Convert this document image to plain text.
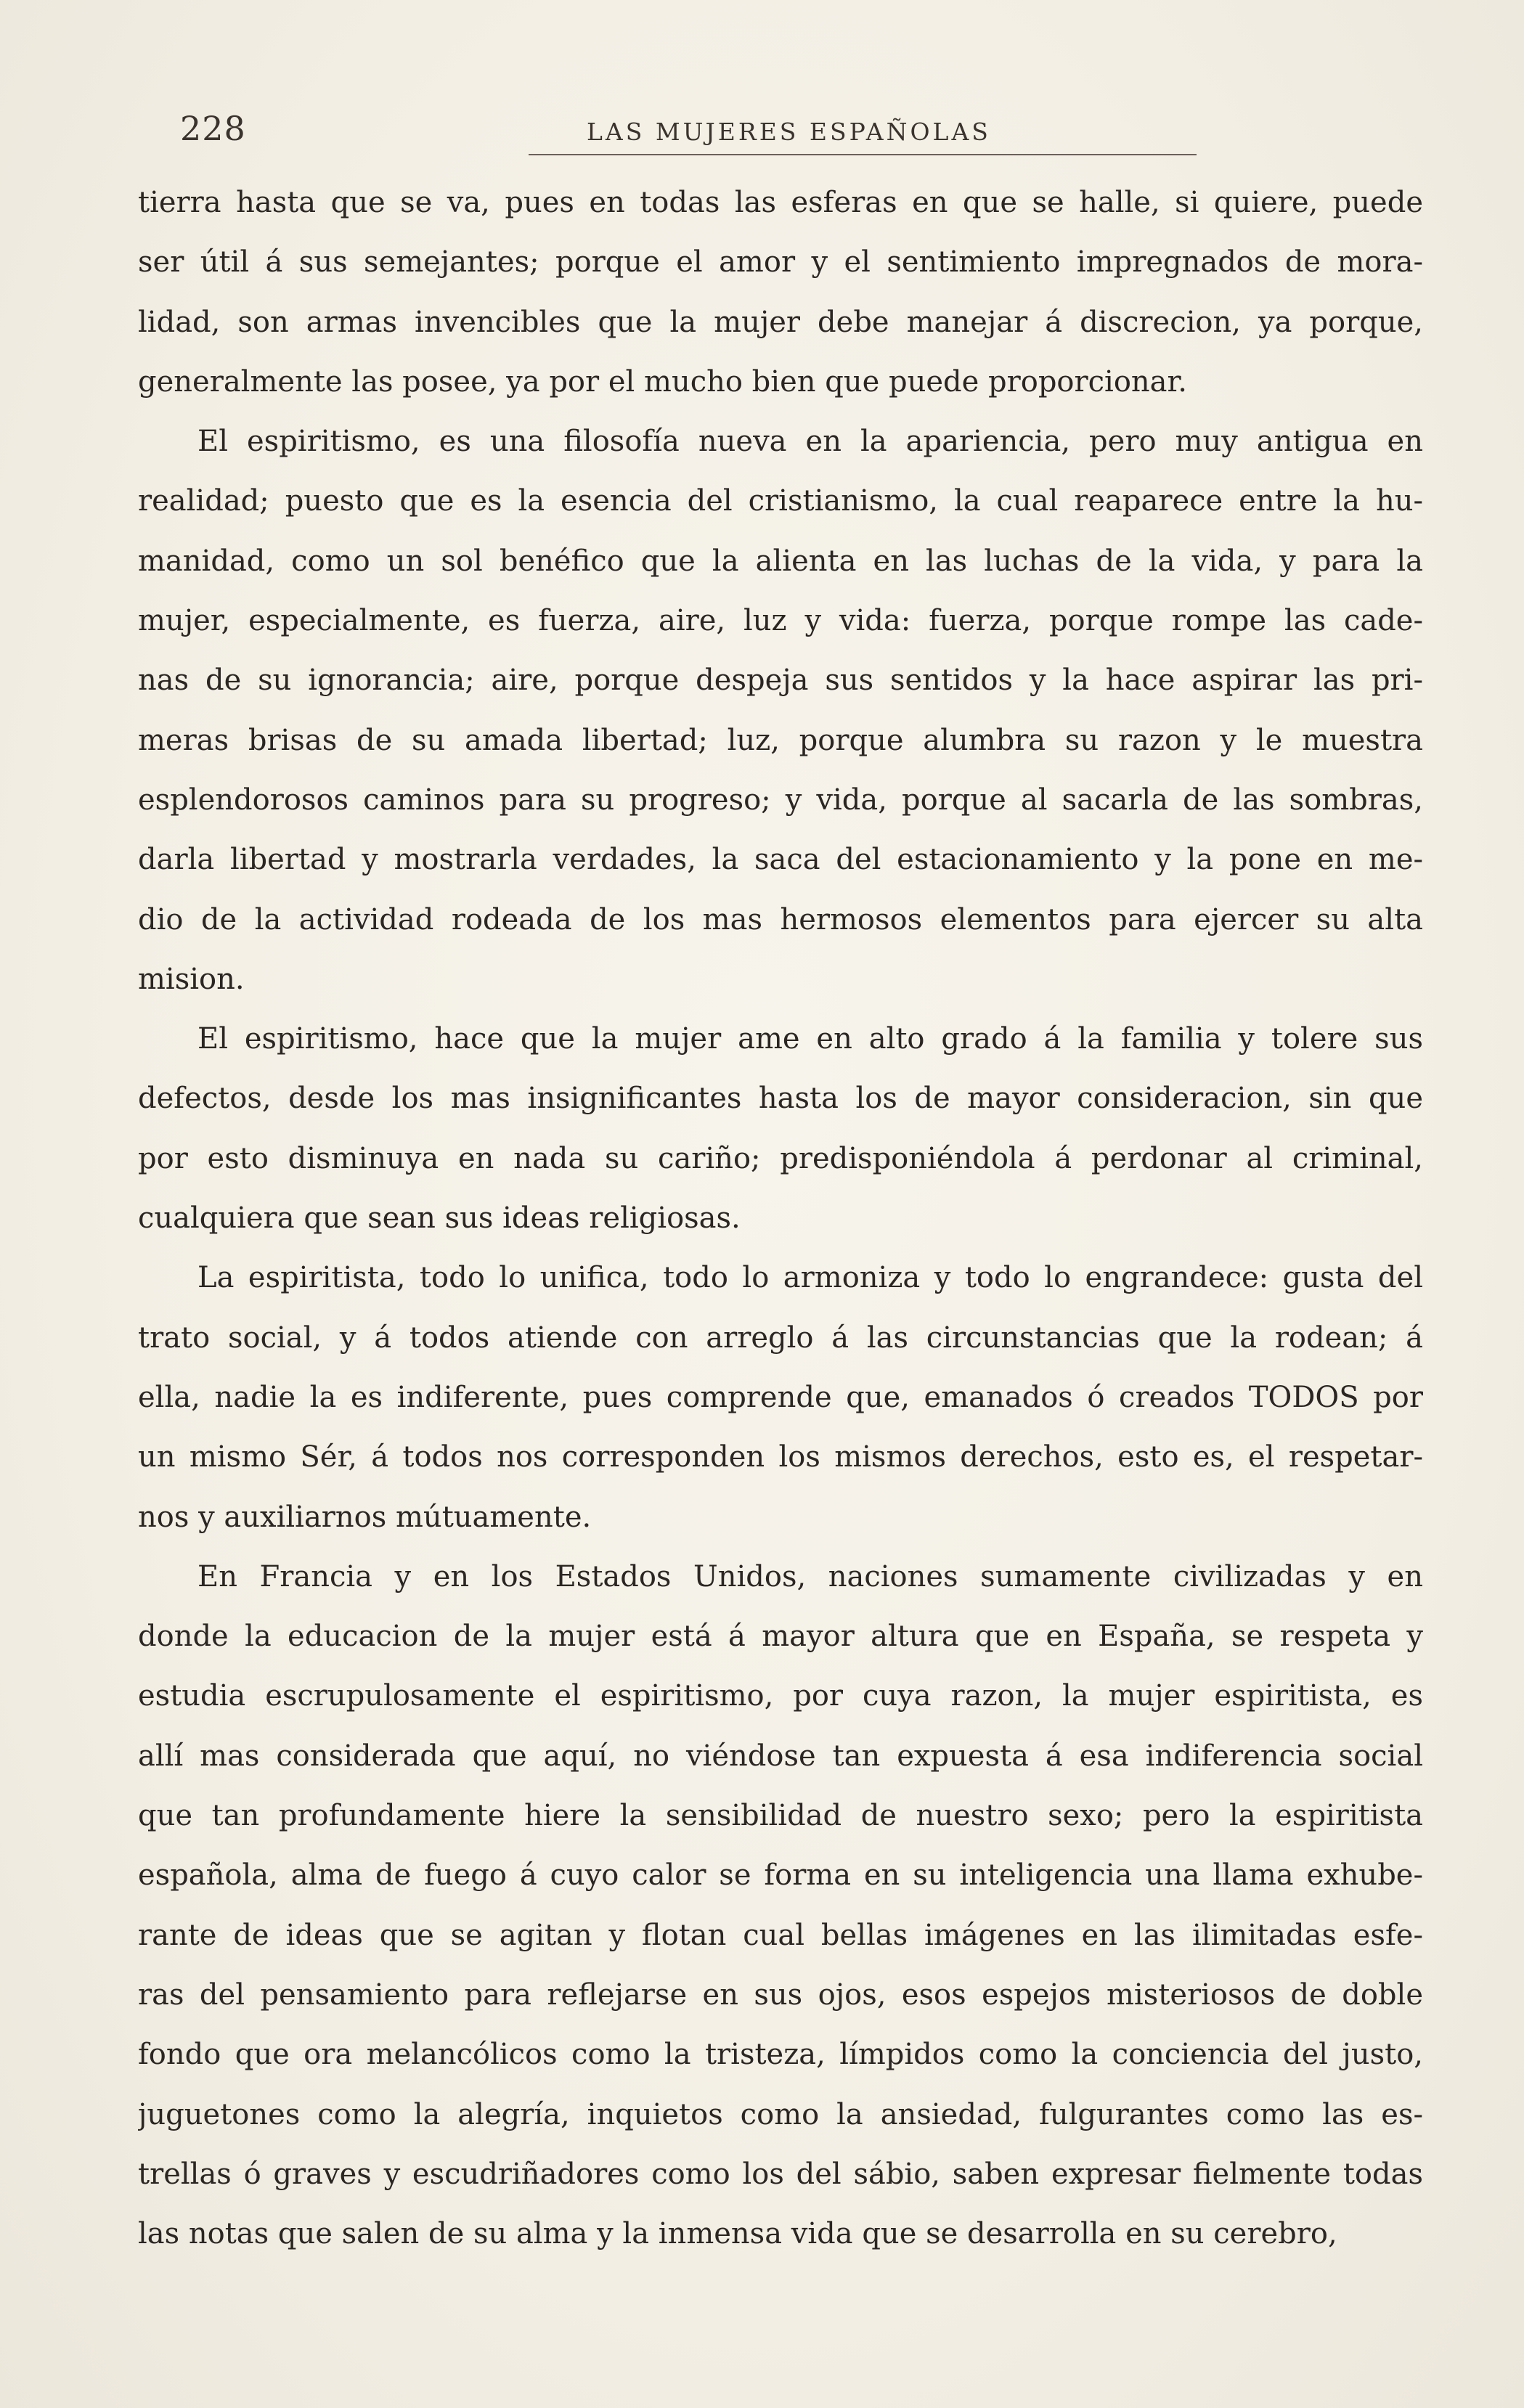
228	LAS MUJERES ESPAÑOLAS

tierra hasta que se va, pues en todas las esferas en que se halle, si quiere, puede
ser útil á sus semejantes; porque el amor y el sentimiento impregnados de mora-
lidad, son armas invencibles que la mujer debe manejar á discrecion, ya porque,
generalmente las posee, ya por el mucho bien que puede proporcionar.

El espiritismo, es una filosofía nueva en la apariencia, pero muy antigua en
realidad; puesto que es la esencia del cristianismo, la cual reaparece entre la hu-
manidad, como un sol benéfico que la alienta en las luchas de la vida, y para la
mujer, especialmente, es fuerza, aire, luz y vida: fuerza, porque rompe las cade-
nas de su ignorancia; aire, porque despeja sus sentidos y la hace aspirar las pri-
meras brisas de su amada libertad; luz, porque alumbra su razon y le muestra
esplendorosos caminos para su progreso; y vida, porque al sacarla de las sombras,
darla libertad y mostrarla verdades, la saca del estacionamiento y la pone en me-
dio de la actividad rodeada de los mas hermosos elementos para ejercer su alta
mision.

El espiritismo, hace que la mujer ame en alto grado á la familia y tolere sus
defectos, desde los mas insignificantes hasta los de mayor consideracion, sin que
por esto disminuya en nada su cariño; predisponiéndola á perdonar al criminal,
cualquiera que sean sus ideas religiosas.

La espiritista, todo lo unifica, todo lo armoniza y todo lo engrandece: gusta del
trato social, y á todos atiende con arreglo á las circunstancias que la rodean; á
ella, nadie la es indiferente, pues comprende que, emanados ó creados TODOS por
un mismo Sér, á todos nos corresponden los mismos derechos, esto es, el respetar-
nos y auxiliarnos mútuamente.

En Francia y en los Estados Unidos, naciones sumamente civilizadas y en
donde la educacion de la mujer está á mayor altura que en España, se respeta y
estudia escrupulosamente el espiritismo, por cuya razon, la mujer espiritista, es
allí mas considerada que aquí, no viéndose tan expuesta á esa indiferencia social
que tan profundamente hiere la sensibilidad de nuestro sexo; pero la espiritista
española, alma de fuego á cuyo calor se forma en su inteligencia una llama exhube-
rante de ideas que se agitan y flotan cual bellas imágenes en las ilimitadas esfe-
ras del pensamiento para reflejarse en sus ojos, esos espejos misteriosos de doble
fondo que ora melancólicos como la tristeza, límpidos como la conciencia del justo,
juguetones como la alegría, inquietos como la ansiedad, fulgurantes como las es-
trellas ó graves y escudriñadores como los del sábio, saben expresar fielmente todas
las notas que salen de su alma y la inmensa vida que se desarrolla en su cerebro,
